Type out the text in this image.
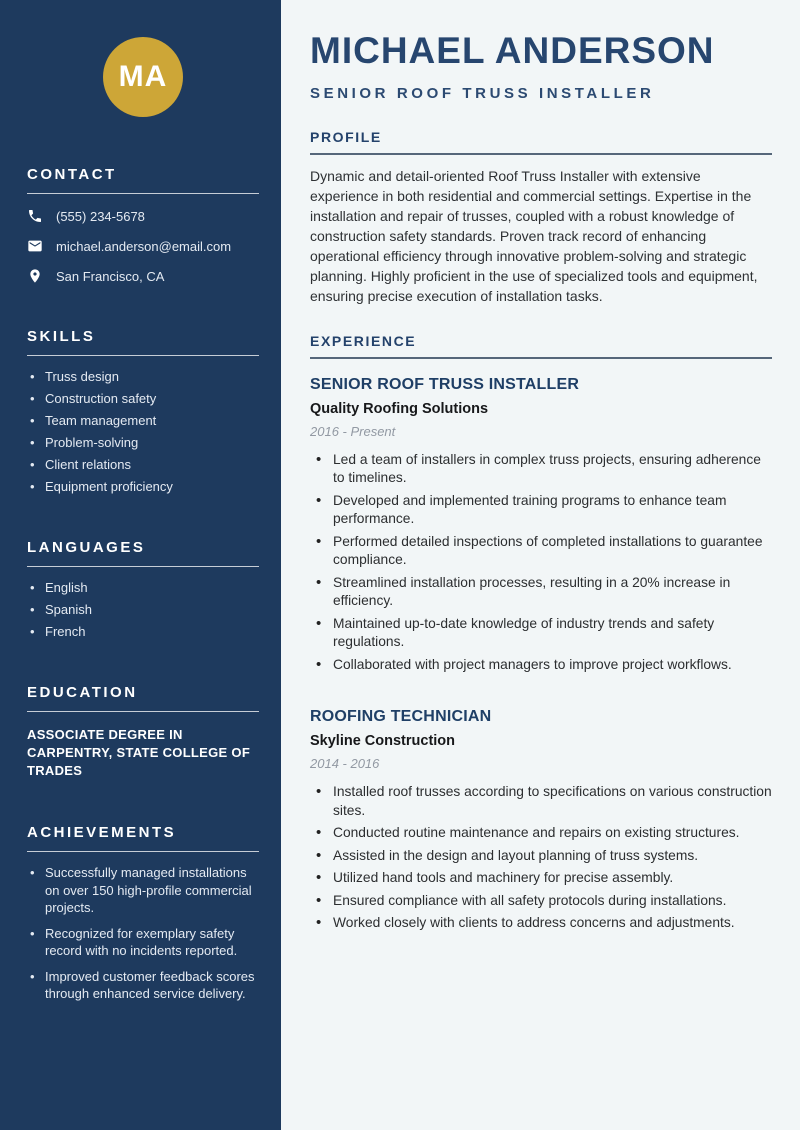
MA
CONTACT
(555) 234-5678
michael.anderson@email.com
San Francisco, CA
SKILLS
• Truss design
• Construction safety
• Team management
• Problem-solving
• Client relations
• Equipment proficiency
LANGUAGES
• English
• Spanish
• French
EDUCATION
ASSOCIATE DEGREE IN CARPENTRY, STATE COLLEGE OF TRADES
ACHIEVEMENTS
• Successfully managed installations on over 150 high-profile commercial projects.
• Recognized for exemplary safety record with no incidents reported.
• Improved customer feedback scores through enhanced service delivery.
MICHAEL ANDERSON
SENIOR ROOF TRUSS INSTALLER
PROFILE

Dynamic and detail-oriented Roof Truss Installer with extensive experience in both residential and commercial settings. Expertise in the installation and repair of trusses, coupled with a robust knowledge of construction safety standards. Proven track record of enhancing operational efficiency through innovative problem-solving and strategic planning. Highly proficient in the use of specialized tools and equipment, ensuring precise execution of installation tasks.

EXPERIENCE
SENIOR ROOF TRUSS INSTALLER
Quality Roofing Solutions
2016 - Present
• Led a team of installers in complex truss projects, ensuring adherence to timelines.
• Developed and implemented training programs to enhance team performance.
• Performed detailed inspections of completed installations to guarantee compliance.
• Streamlined installation processes, resulting in a 20% increase in efficiency.
• Maintained up-to-date knowledge of industry trends and safety regulations.
• Collaborated with project managers to improve project workflows.
ROOFING TECHNICIAN
Skyline Construction
2014 - 2016
• Installed roof trusses according to specifications on various construction sites.
• Conducted routine maintenance and repairs on existing structures.
• Assisted in the design and layout planning of truss systems.
• Utilized hand tools and machinery for precise assembly.
• Ensured compliance with all safety protocols during installations.
• Worked closely with clients to address concerns and adjustments.
